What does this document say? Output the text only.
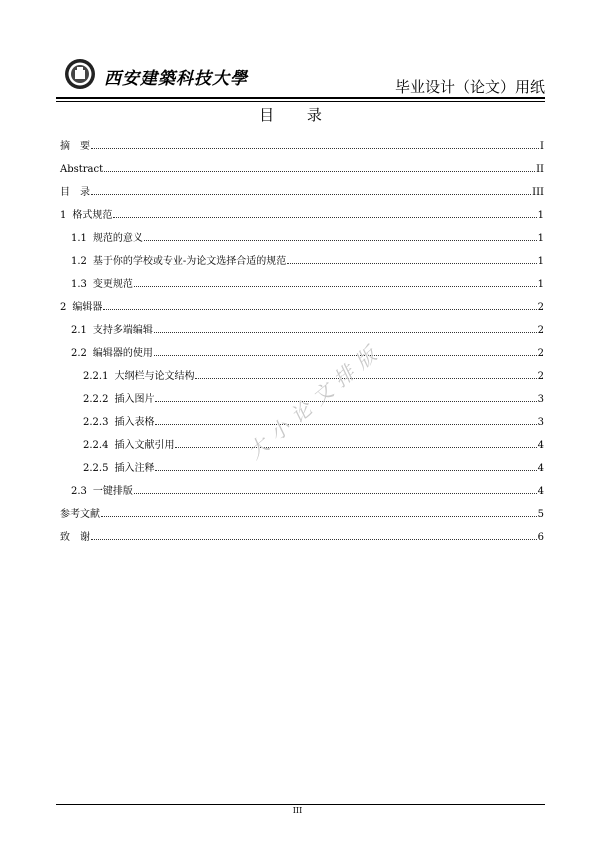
西安建築科技大學	毕业设计（论文）用纸
目 录
摘　要	I
Abstract	II
目　录	III
1 格式规范	1
1.1 规范的意义	1
1.2 基于你的学校或专业-为论文选择合适的规范	1
1.3 变更规范	1
2 编辑器	2
2.1 支持多端编辑	2
2.2 编辑器的使用	2
2.2.1 大纲栏与论文结构	2
2.2.2 插入图片	3
2.2.3 插入表格	3
2.2.4 插入文献引用	4
2.2.5 插入注释	4
2.3 一键排版	4
参考文献	5
致　谢	6
大小论文排版
III
